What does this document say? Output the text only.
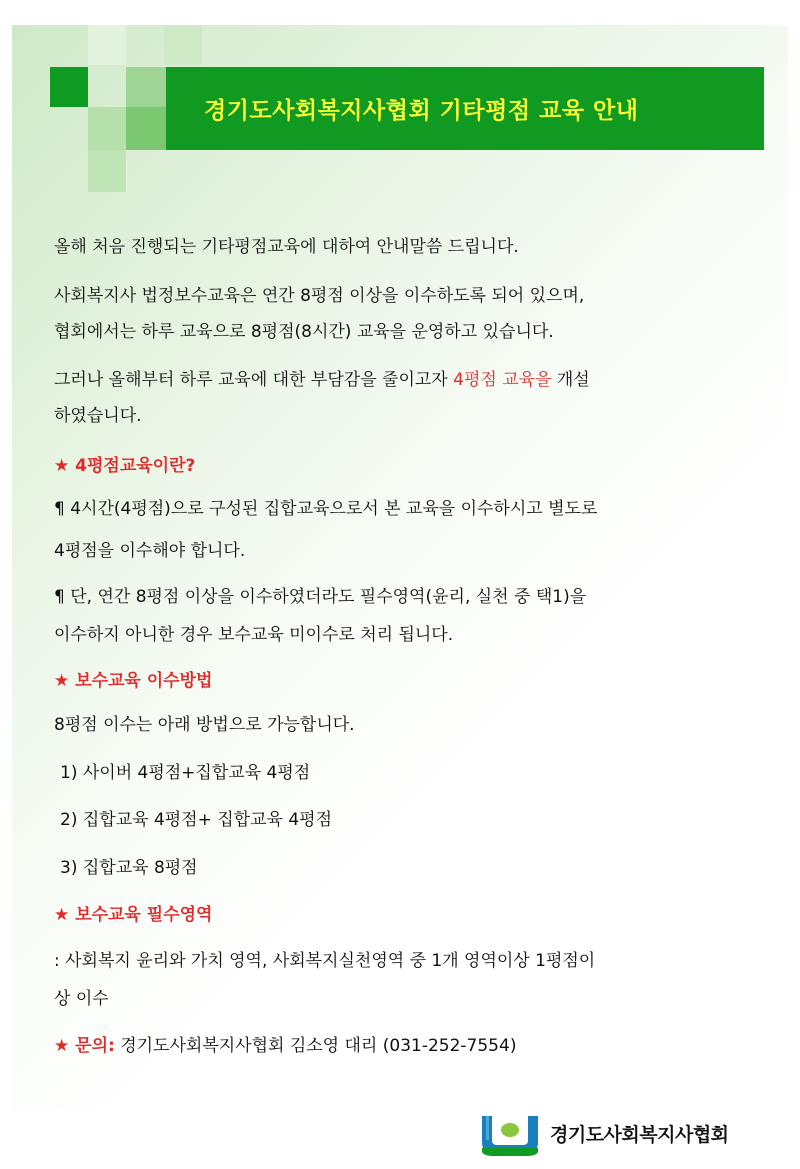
경기도사회복지사협회 기타평점 교육 안내
올해 처음 진행되는 기타평점교육에 대하여 안내말씀 드립니다.
사회복지사 법정보수교육은 연간 8평점 이상을 이수하도록 되어 있으며,
협회에서는 하루 교육으로 8평점(8시간) 교육을 운영하고 있습니다.
그러나 올해부터 하루 교육에 대한 부담감을 줄이고자 4평점 교육을 개설
하였습니다.
★ 4평점교육이란?
¶ 4시간(4평점)으로 구성된 집합교육으로서 본 교육을 이수하시고 별도로
4평점을 이수해야 합니다.
¶ 단, 연간 8평점 이상을 이수하였더라도 필수영역(윤리, 실천 중 택1)을
이수하지 아니한 경우 보수교육 미이수로 처리 됩니다.
★ 보수교육 이수방법
8평점 이수는 아래 방법으로 가능합니다.
1) 사이버 4평점+집합교육 4평점
2) 집합교육 4평점+ 집합교육 4평점
3) 집합교육 8평점
★ 보수교육 필수영역
: 사회복지 윤리와 가치 영역, 사회복지실천영역 중 1개 영역이상 1평점이
상 이수
★ 문의: 경기도사회복지사협회 김소영 대리 (031-252-7554)
경기도사회복지사협회
